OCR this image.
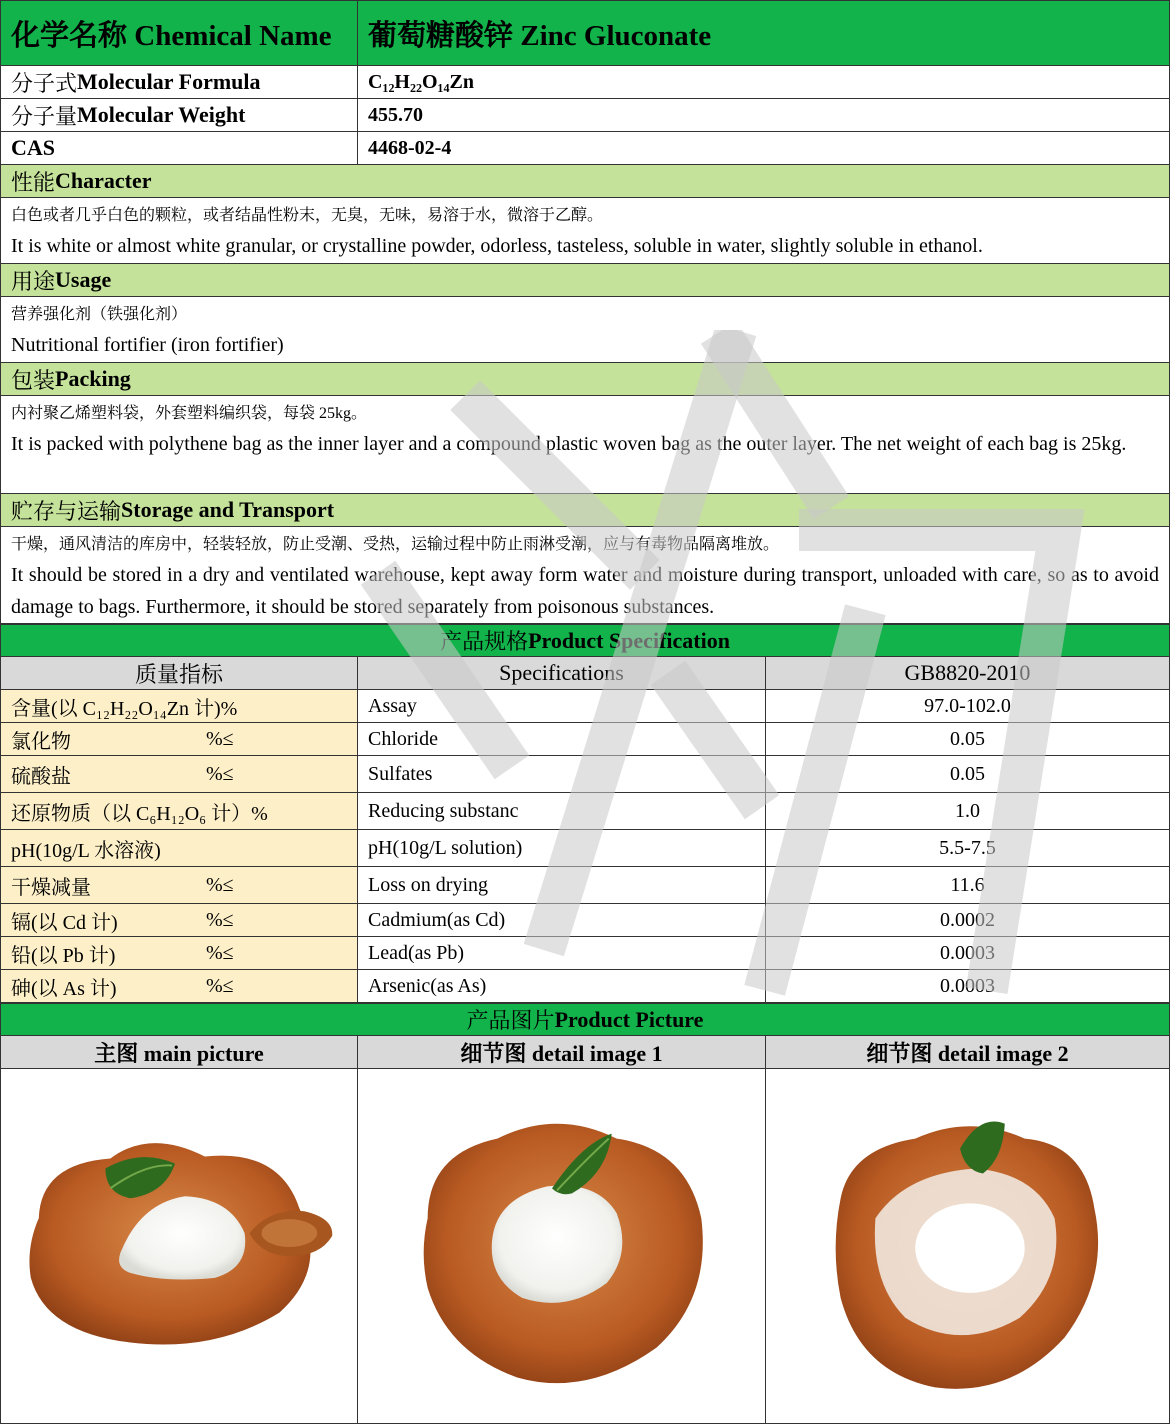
化学名称 Chemical Name 葡萄糖酸锌 Zinc Gluconate
分子式 Molecular Formula	C₁₂H₂₂O₁₄Zn
分子量 Molecular Weight	455.70
CAS	4468-02-4
性能 Character

白色或者几乎白色的颗粒，或者结晶性粉末，无臭，无味，易溶于水，微溶于乙醇。

It is white or almost white granular, or crystalline powder, odorless, tasteless, soluble in water, slightly soluble in ethanol.

用途 Usage

营养强化剂（铁强化剂）

Nutritional fortifier (iron fortifier)

包装 Packing

内衬聚乙烯塑料袋，外套塑料编织袋，每袋 25kg。

It is packed with polythene bag as the inner layer and a compound plastic woven bag as the outer layer. The net weight of each bag is 25kg.

贮存与运输 Storage and Transport

干燥，通风清洁的库房中，轻装轻放，防止受潮、受热，运输过程中防止雨淋受潮，应与有毒物品隔离堆放。

It should be stored in a dry and ventilated warehouse, kept away form water and moisture during transport, unloaded with care, so as to avoid damage to bags. Furthermore, it should be stored separately from poisonous substances.

产品规格 Product Specification
质量指标	Specifications	GB8820-2010
含量(以 C₁₂H₂₂O₁₄Zn 计)%	Assay	97.0-102.0
氯化物	%≤	Chloride	0.05
硫酸盐	%≤	Sulfates	0.05
还原物质（以 C₆H₁₂O₆ 计）%	Reducing substanc	1.0
pH(10g/L 水溶液)	pH(10g/L solution)	5.5-7.5
干燥减量	%≤	Loss on drying	11.6
镉(以 Cd 计)	%≤	Cadmium(as Cd)	0.0002
铅(以 Pb 计)	%≤	Lead(as Pb)	0.0003
砷(以 As 计)	%≤	Arsenic(as As)	0.0003
产品图片 Product Picture
主图 main picture	细节图 detail image 1	细节图 detail image 2
